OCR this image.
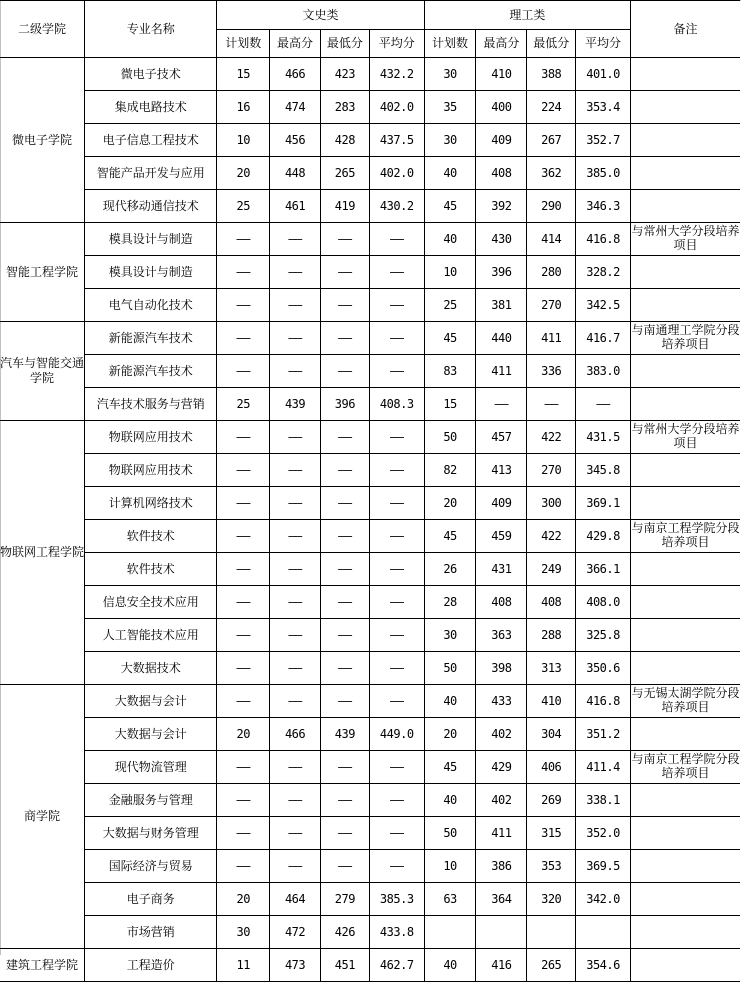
二级学院	专业名称	文史类				理工类				备注
		计划数	最高分	最低分	平均分	计划数	最高分	最低分	平均分	
微电子学院	微电子技术	15	466	423	432.2	30	410	388	401.0	
	集成电路技术	16	474	283	402.0	35	400	224	353.4	
	电子信息工程技术	10	456	428	437.5	30	409	267	352.7	
	智能产品开发与应用	20	448	265	402.0	40	408	362	385.0	
	现代移动通信技术	25	461	419	430.2	45	392	290	346.3	
智能工程学院	模具设计与制造	——	——	——	——	40	430	414	416.8	与常州大学分段培养项目
	模具设计与制造	——	——	——	——	10	396	280	328.2	
	电气自动化技术	——	——	——	——	25	381	270	342.5	
汽车与智能交通学院	新能源汽车技术	——	——	——	——	45	440	411	416.7	与南通理工学院分段培养项目
	新能源汽车技术	——	——	——	——	83	411	336	383.0	
	汽车技术服务与营销	25	439	396	408.3	15	——	——	——	
物联网工程学院	物联网应用技术	——	——	——	——	50	457	422	431.5	与常州大学分段培养项目
	物联网应用技术	——	——	——	——	82	413	270	345.8	
	计算机网络技术	——	——	——	——	20	409	300	369.1	
	软件技术	——	——	——	——	45	459	422	429.8	与南京工程学院分段培养项目
	软件技术	——	——	——	——	26	431	249	366.1	
	信息安全技术应用	——	——	——	——	28	408	408	408.0	
	人工智能技术应用	——	——	——	——	30	363	288	325.8	
	大数据技术	——	——	——	——	50	398	313	350.6	
商学院	大数据与会计	——	——	——	——	40	433	410	416.8	与无锡太湖学院分段培养项目
	大数据与会计	20	466	439	449.0	20	402	304	351.2	
	现代物流管理	——	——	——	——	45	429	406	411.4	与南京工程学院分段培养项目
	金融服务与管理	——	——	——	——	40	402	269	338.1	
	大数据与财务管理	——	——	——	——	50	411	315	352.0	
	国际经济与贸易	——	——	——	——	10	386	353	369.5	
	电子商务	20	464	279	385.3	63	364	320	342.0	
	市场营销	30	472	426	433.8					
建筑工程学院	工程造价	11	473	451	462.7	40	416	265	354.6	
